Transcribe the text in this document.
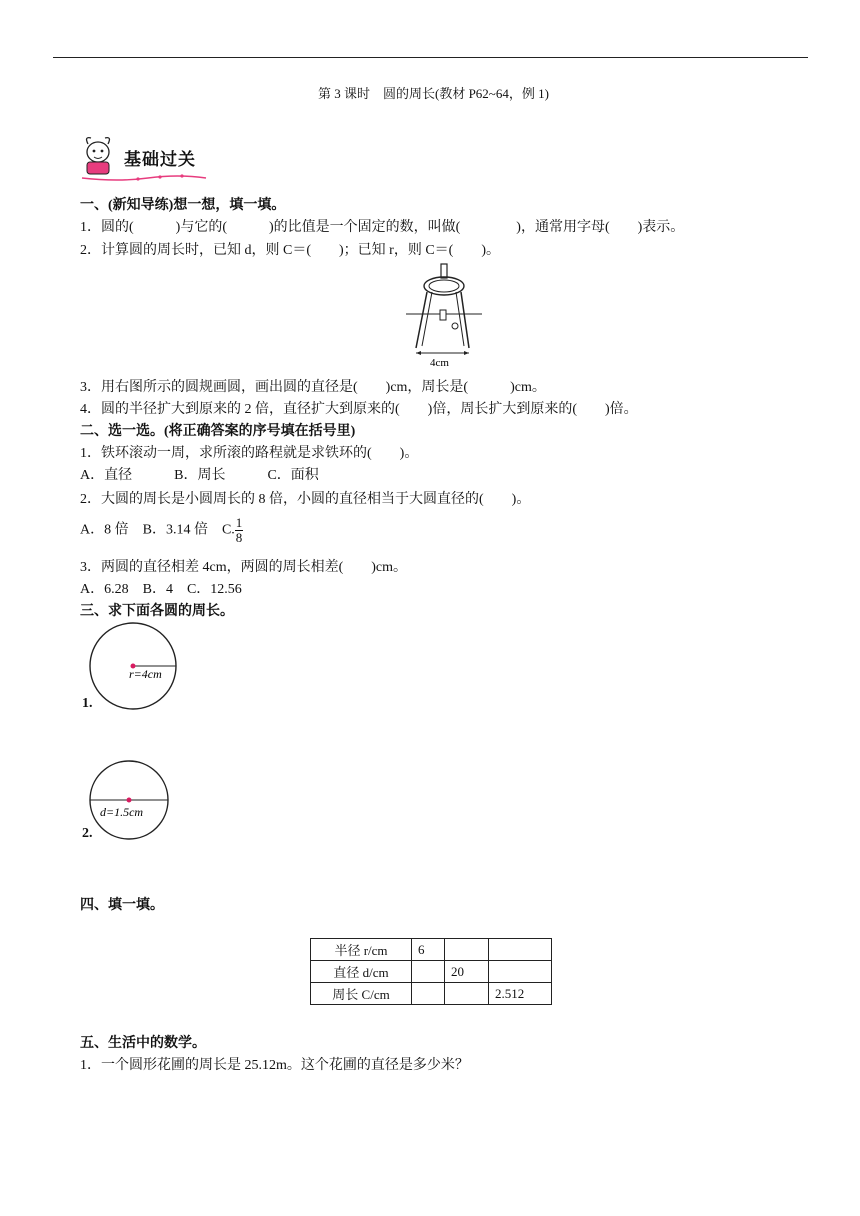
第 3 课时　圆的周长(教材 P62~64，例 1)
基础过关
一、(新知导练)想一想，填一填。
1．圆的(　　　)与它的(　　　)的比值是一个固定的数，叫做(　　　　)，通常用字母(　　)表示。
2．计算圆的周长时，已知 d，则 C＝(　　)；已知 r，则 C＝(　　)。
4cm
3．用右图所示的圆规画圆，画出圆的直径是(　　)cm，周长是(　　　)cm。
4．圆的半径扩大到原来的 2 倍，直径扩大到原来的(　　)倍，周长扩大到原来的(　　)倍。
二、选一选。(将正确答案的序号填在括号里)
1．铁环滚动一周，求所滚的路程就是求铁环的(　　)。
A．直径　　　B．周长　　　C．面积
2．大圆的周长是小圆周长的 8 倍，小圆的直径相当于大圆直径的(　　)。
A．8 倍　B．3.14 倍　C. $\frac{1}{8}$
3．两圆的直径相差 4cm，两圆的周长相差(　　)cm。
A．6.28　B．4　C．12.56
三、求下面各圆的周长。
1.
r=4cm
2.
d=1.5cm
四、填一填。
半径 r/cm	6		
直径 d/cm		20	
周长 C/cm			2.512
五、生活中的数学。
1．一个圆形花圃的周长是 25.12m。这个花圃的直径是多少米？
